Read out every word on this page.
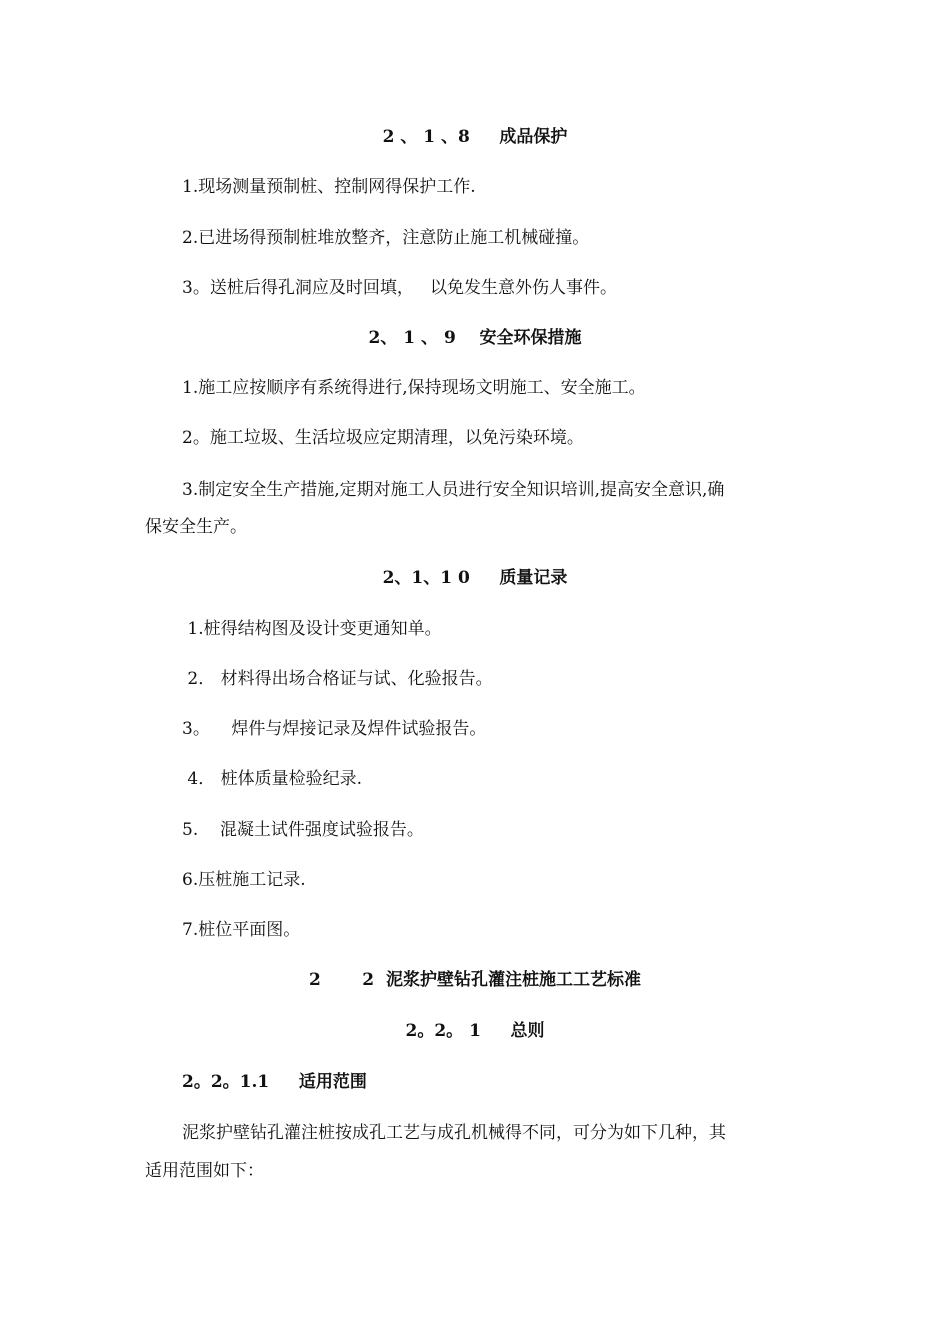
2 、 1 、8     成品保护

1.现场测量预制桩、控制网得保护工作.

2.已进场得预制桩堆放整齐，注意防止施工机械碰撞。

3。送桩后得孔洞应及时回填，   以免发生意外伤人事件。

2、 1 、 9    安全环保措施

1.施工应按顺序有系统得进行,保持现场文明施工、安全施工。

2。施工垃圾、生活垃圾应定期清理，以免污染环境。

3.制定安全生产措施,定期对施工人员进行安全知识培训,提高安全意识,确

保安全生产。

2、1、1 0     质量记录

1.桩得结构图及设计变更通知单。

2． 材料得出场合格证与试、化验报告。

3。    焊件与焊接记录及焊件试验报告。

4． 桩体质量检验纪录.

5.    混凝土试件强度试验报告。

6.压桩施工记录.

7.桩位平面图。

2       2  泥浆护壁钻孔灌注桩施工工艺标准

2。2。 1     总则

2。2。1.1     适用范围

泥浆护壁钻孔灌注桩按成孔工艺与成孔机械得不同，可分为如下几种，其

适用范围如下：
